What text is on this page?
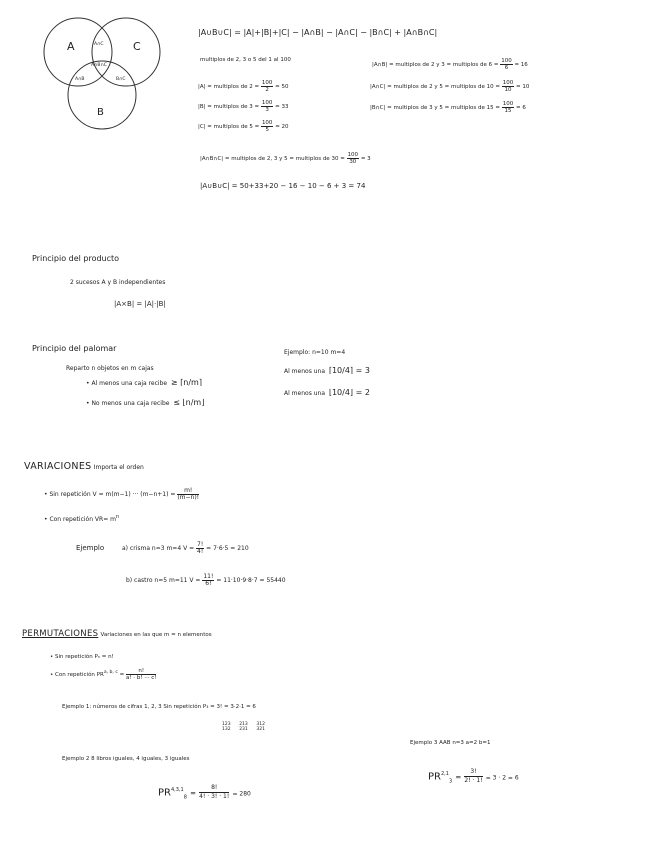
A	C
B
A∩C
A∩B∩C
A∩B	B∩C
|A∪B∪C| = |A|+|B|+|C| − |A∩B| − |A∩C| − |B∩C| + |A∩B∩C|
multiplos de 2, 3 o 5 del 1 al 100
|A| = multiplos de $2 = \frac{100}{2} = 50$
|B| = multiplos de $3 = \frac{100}{3} = 33$
|C| = multiplos de $5 = \frac{100}{5} = 20$
|A∩B| = multiplos de 2 y 3 = multiplos de $6 = \frac{100}{6} = 16$
|A∩C| = multiplos de 2 y 5 = multiplos de $10 = \frac{100}{10} = 10$
|B∩C| = multiplos de 3 y 5 = multiplos de $15 = \frac{100}{15} = 6$
|A∩B∩C| = multiplos de 2, 3 y 5 = multiplos de $30 = \frac{100}{30} = 3$
|A∪B∪C| = 50+33+20 − 16 − 10 − 6 + 3 = 74
Principio del producto
2 sucesos A y B independientes
|A×B| = |A|·|B|
Principio del palomar
Reparto n objetos en m cajas
• Al menos una caja recibe ≥ ⌈n/m⌉
• No menos una caja recibe ≤ ⌊n/m⌋
Ejemplo: n=10 m=4
Al menos una ⌈10/4⌉ = 3
Al menos una ⌊10/4⌋ = 2
VARIACIONES Importa el orden
• Sin repetición V = m(m−1) ··· $(m-n+1) = \frac{m!}{(m-n)!}$
• Con repetición $VR= m^n$
Ejemplo	a) crisma n=3 m=4 $V = \frac{7!}{4!} = 7\cdot 6\cdot 5 = 210$
b) castro n=5 m=11 $V = \frac{11!}{6!} = 11\cdot 10\cdot 9\cdot 8\cdot 7 = 55440$
PERMUTACIONES Variaciones en las que m = n elementos
• Sin repetición Pₙ = n!
• Con repetición $PR^{a, b, c} = \frac{n!}{a! \cdot b! \cdot\cdot\cdot c!}$
Ejemplo 1: números de cifras 1, 2, 3 Sin repetición P₃ = 3! = 3·2·1 = 6
123 213 312
132 231 321
Ejemplo 2 8 libros iguales, 4 iguales, 3 iguales
$PR^{4,3,1}_8 = \frac{8!}{4! \cdot 3! \cdot 1!} = 280$
Ejemplo 3 AAB n=3 a=2 b=1
$PR^{2,1}_3 = \frac{3!}{2! \cdot 1!} = 3 \cdot 2 = 6$
